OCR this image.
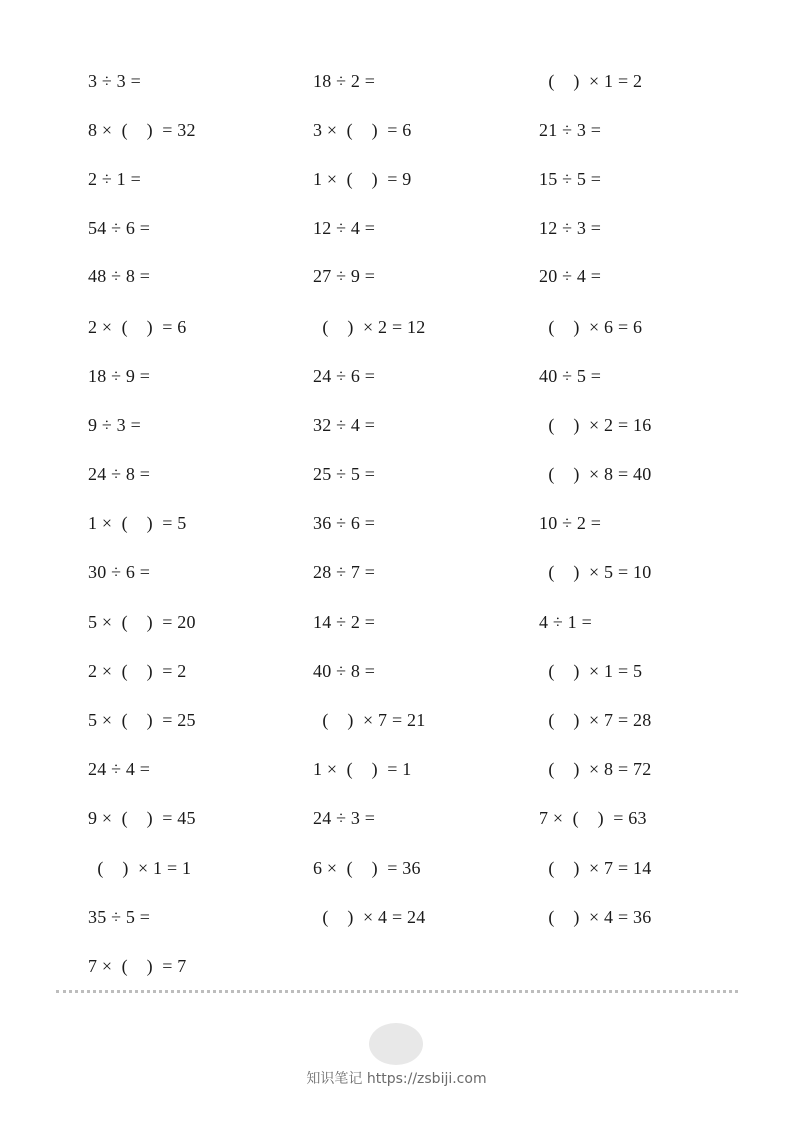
3 ÷ 3 =
8 ×  (    )  = 32
2 ÷ 1 =
54 ÷ 6 =
48 ÷ 8 =
2 ×  (    )  = 6
18 ÷ 9 =
9 ÷ 3 =
24 ÷ 8 =
1 ×  (    )  = 5
30 ÷ 6 =
5 ×  (    )  = 20
2 ×  (    )  = 2
5 ×  (    )  = 25
24 ÷ 4 =
9 ×  (    )  = 45
(    )  × 1 = 1
35 ÷ 5 =
7 ×  (    )  = 7
18 ÷ 2 =
3 ×  (    )  = 6
1 ×  (    )  = 9
12 ÷ 4 =
27 ÷ 9 =
(    )  × 2 = 12
24 ÷ 6 =
32 ÷ 4 =
25 ÷ 5 =
36 ÷ 6 =
28 ÷ 7 =
14 ÷ 2 =
40 ÷ 8 =
(    )  × 7 = 21
1 ×  (    )  = 1
24 ÷ 3 =
6 ×  (    )  = 36
(    )  × 4 = 24
(    )  × 1 = 2
21 ÷ 3 =
15 ÷ 5 =
12 ÷ 3 =
20 ÷ 4 =
(    )  × 6 = 6
40 ÷ 5 =
(    )  × 2 = 16
(    )  × 8 = 40
10 ÷ 2 =
(    )  × 5 = 10
4 ÷ 1 =
(    )  × 1 = 5
(    )  × 7 = 28
(    )  × 8 = 72
7 ×  (    )  = 63
(    )  × 7 = 14
(    )  × 4 = 36
知识笔记 https://zsbiji.com
